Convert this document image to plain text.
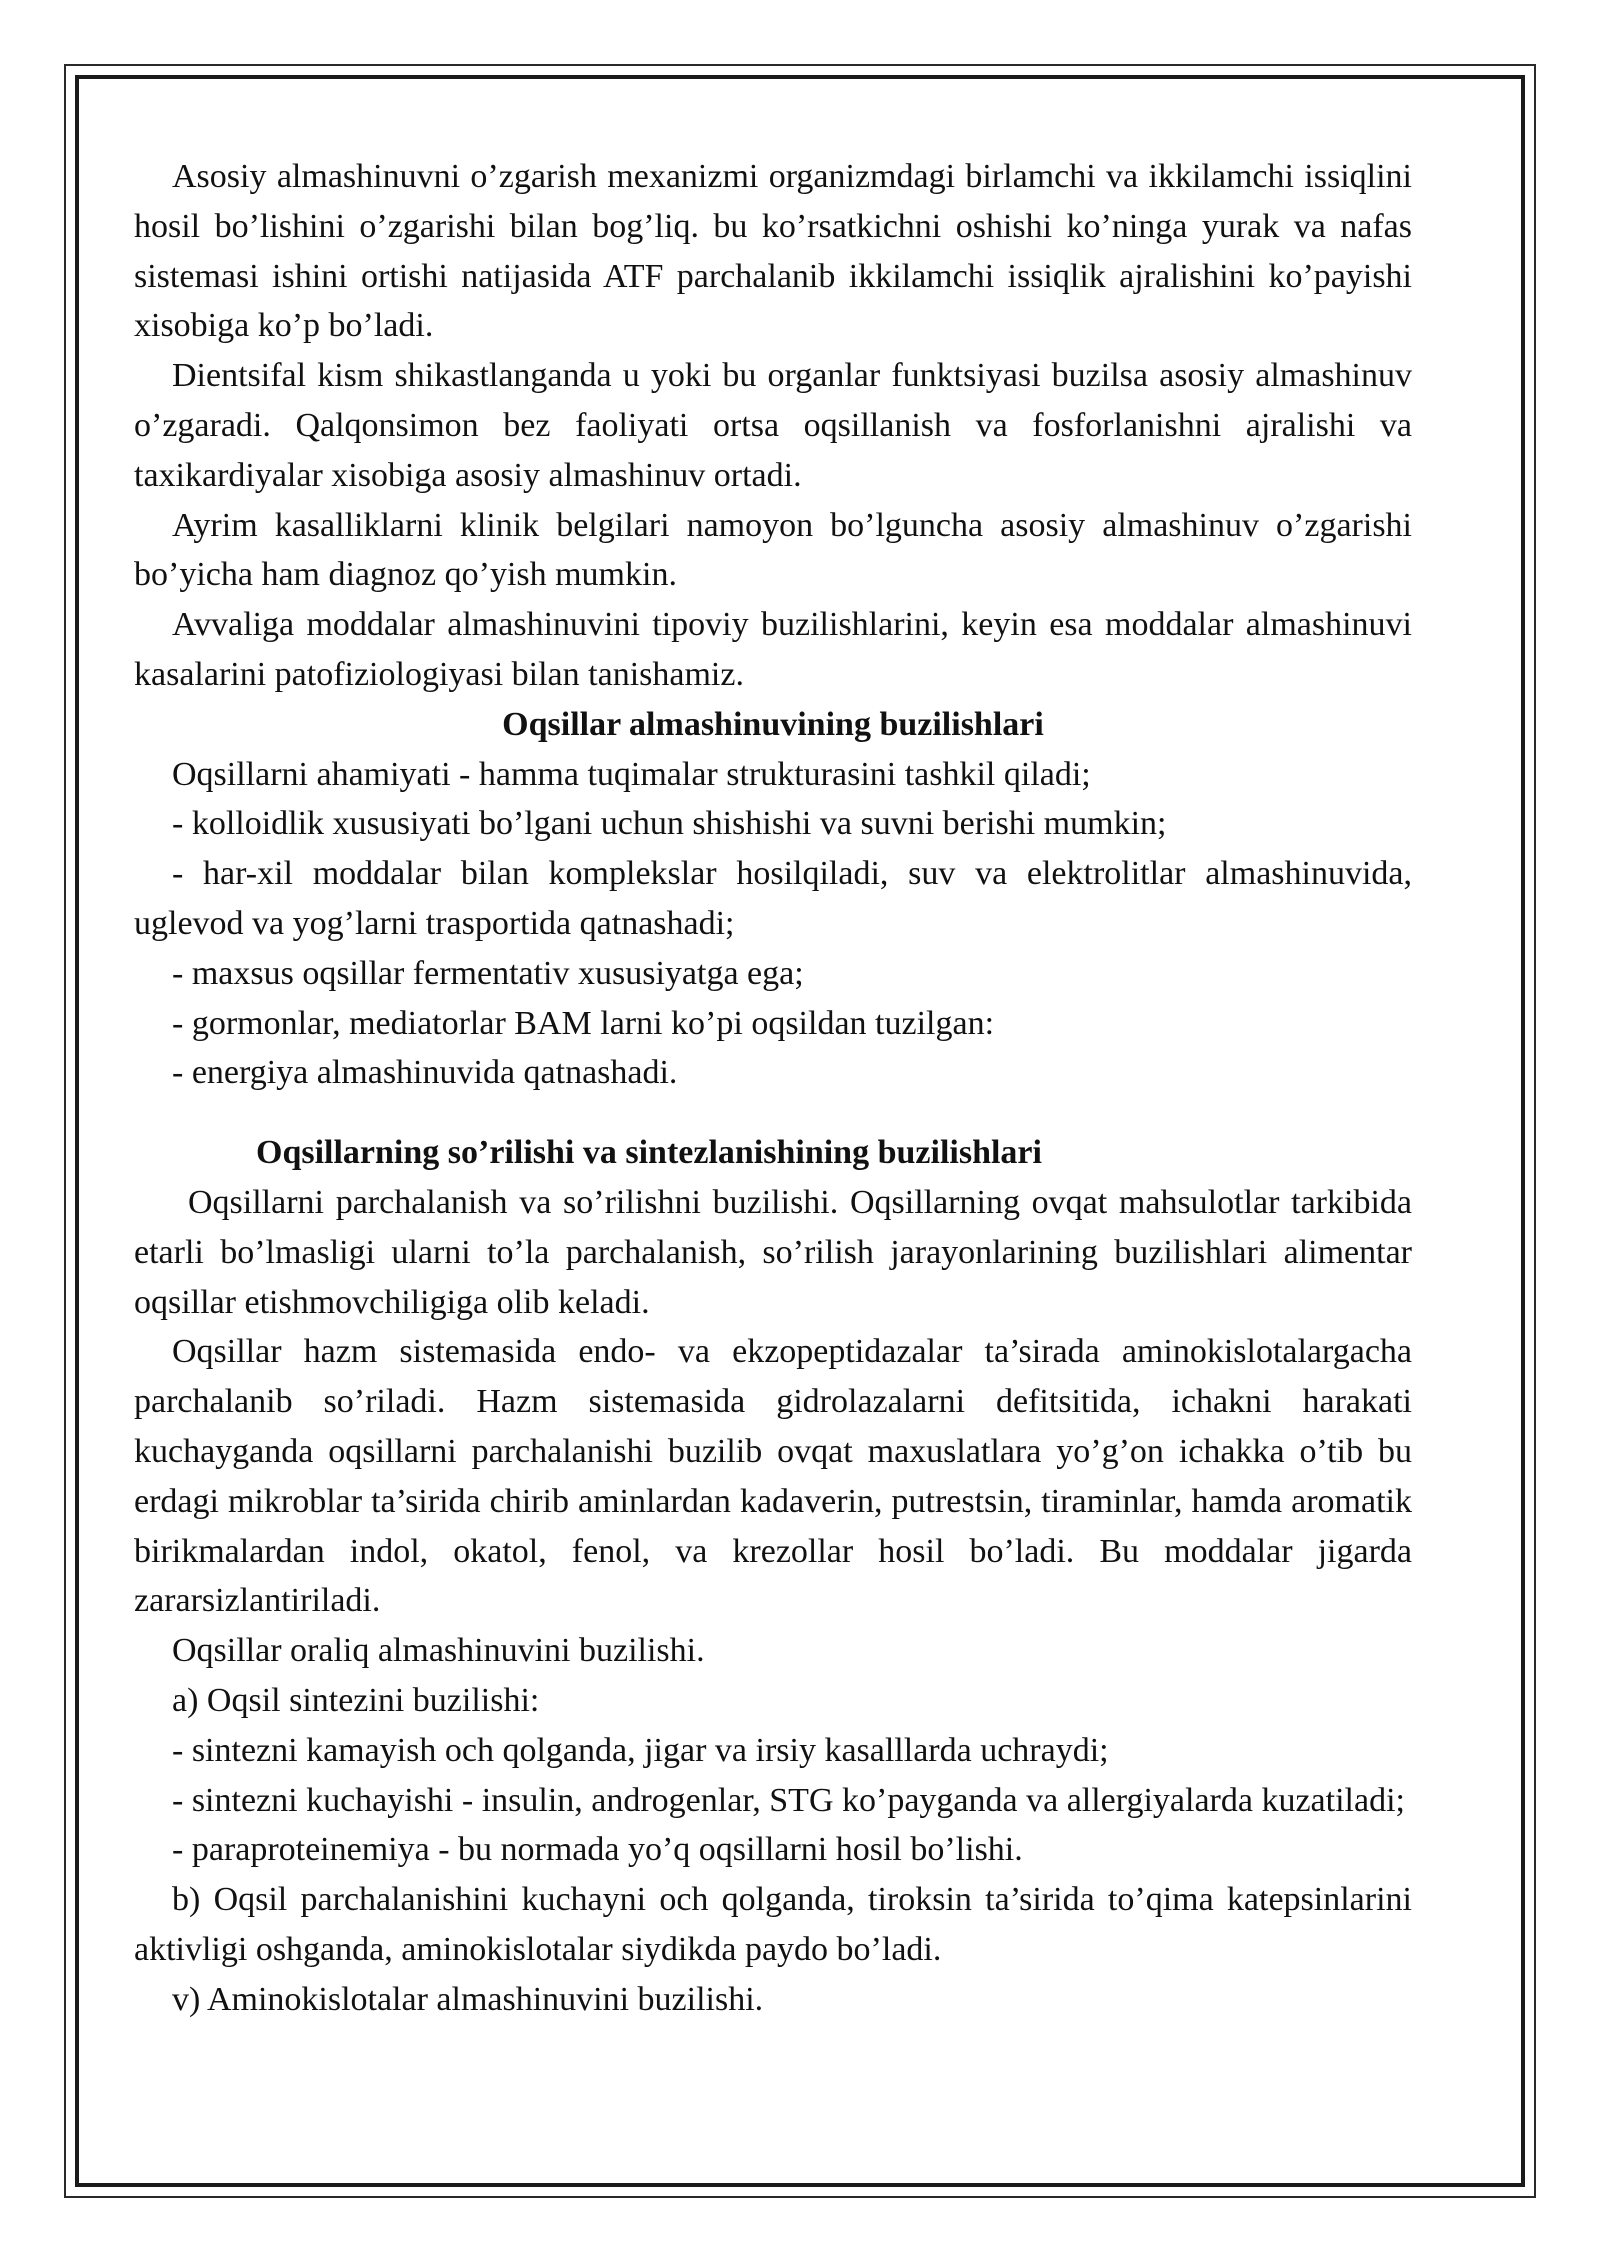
Asosiy almashinuvni o’zgarish mexanizmi organizmdagi birlamchi va ikkilamchi issiqlini hosil bo’lishini o’zgarishi bilan bog’liq. bu ko’rsatkichni oshishi ko’ninga yurak va nafas sistemasi ishini ortishi natijasida ATF parchalanib ikkilamchi issiqlik ajralishini ko’payishi xisobiga ko’p bo’ladi.

Dientsifal kism shikastlanganda u yoki bu organlar funktsiyasi buzilsa asosiy almashinuv o’zgaradi. Qalqonsimon bez faoliyati ortsa oqsillanish va fosforlanishni ajralishi va taxikardiyalar xisobiga asosiy almashinuv ortadi.

Ayrim kasalliklarni klinik belgilari namoyon bo’lguncha asosiy almashinuv o’zgarishi bo’yicha ham diagnoz qo’yish mumkin.

Avvaliga moddalar almashinuvini tipoviy buzilishlarini, keyin esa moddalar almashinuvi kasalarini patofiziologiyasi bilan tanishamiz.

Oqsillar almashinuvining buzilishlari

Oqsillarni ahamiyati - hamma tuqimalar strukturasini tashkil qiladi;

- kolloidlik xususiyati bo’lgani uchun shishishi va suvni berishi mumkin;

- har-xil moddalar bilan komplekslar hosilqiladi, suv va elektrolitlar almashinuvida, uglevod va yog’larni trasportida qatnashadi;

- maxsus oqsillar fermentativ xususiyatga ega;

- gormonlar, mediatorlar BAM larni ko’pi oqsildan tuzilgan:

- energiya almashinuvida qatnashadi.

Oqsillarning so’rilishi va sintezlanishining buzilishlari

Oqsillarni parchalanish va so’rilishni buzilishi. Oqsillarning ovqat mahsulotlar tarkibida etarli bo’lmasligi ularni to’la parchalanish, so’rilish jarayonlarining buzilishlari alimentar oqsillar etishmovchiligiga olib keladi.

Oqsillar hazm sistemasida endo- va ekzopeptidazalar ta’sirada aminokislotalargacha parchalanib so’riladi. Hazm sistemasida gidrolazalarni defitsitida, ichakni harakati kuchayganda oqsillarni parchalanishi buzilib ovqat maxuslatlara yo’g’on ichakka o’tib bu erdagi mikroblar ta’sirida chirib aminlardan kadaverin, putrestsin, tiraminlar, hamda aromatik birikmalardan indol, okatol, fenol, va krezollar hosil bo’ladi. Bu moddalar jigarda zararsizlantiriladi.

Oqsillar oraliq almashinuvini buzilishi.

a) Oqsil sintezini buzilishi:

- sintezni kamayish och qolganda, jigar va irsiy kasalllarda uchraydi;

- sintezni kuchayishi - insulin, androgenlar, STG ko’payganda va allergiyalarda kuzatiladi;

- paraproteinemiya - bu normada yo’q oqsillarni hosil bo’lishi.

b) Oqsil parchalanishini kuchayni och qolganda, tiroksin ta’sirida to’qima katepsinlarini aktivligi oshganda, aminokislotalar siydikda paydo bo’ladi.

v) Aminokislotalar almashinuvini buzilishi.
